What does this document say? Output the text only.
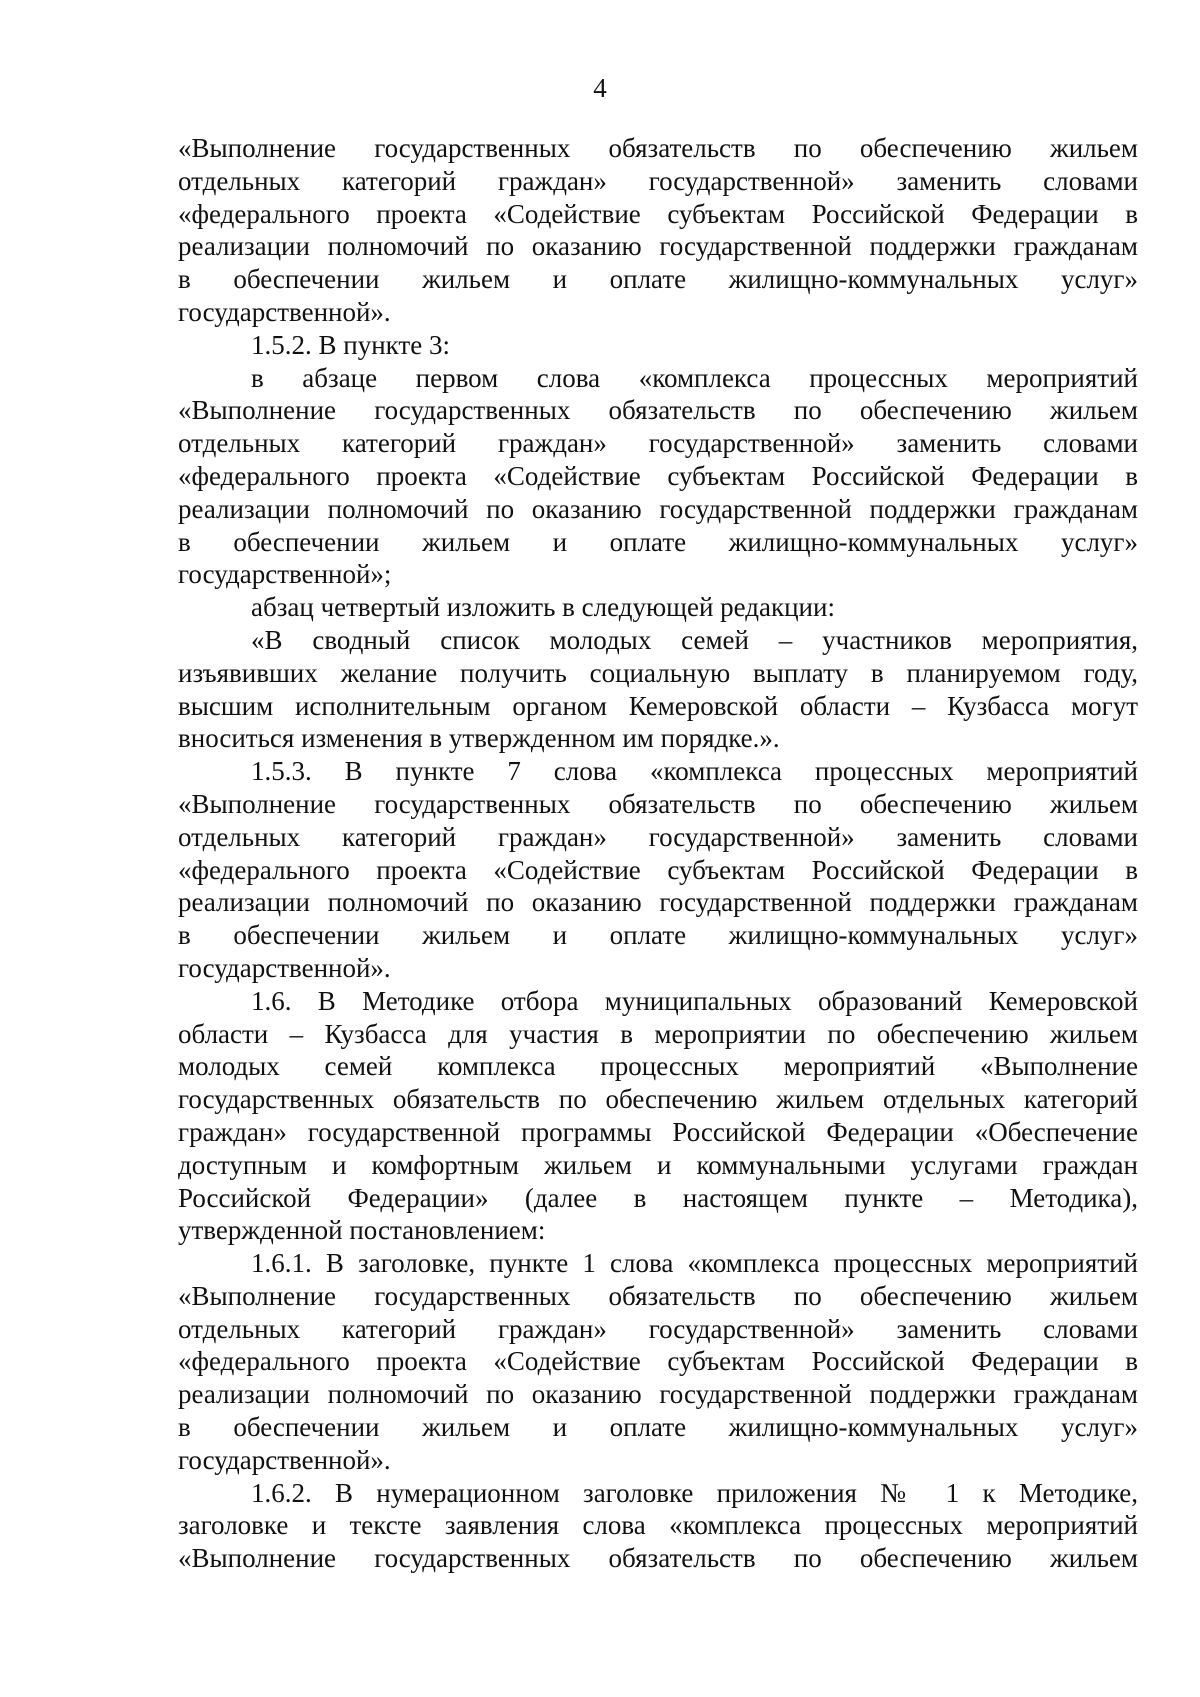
4
«Выполнение государственных обязательств по обеспечению жильем
отдельных категорий граждан» государственной» заменить словами
«федерального проекта «Содействие субъектам Российской Федерации в
реализации полномочий по оказанию государственной поддержки гражданам
в обеспечении жильем и оплате жилищно-коммунальных услуг»
государственной».
1.5.2. В пункте 3:
в абзаце первом слова «комплекса процессных мероприятий
«Выполнение государственных обязательств по обеспечению жильем
отдельных категорий граждан» государственной» заменить словами
«федерального проекта «Содействие субъектам Российской Федерации в
реализации полномочий по оказанию государственной поддержки гражданам
в обеспечении жильем и оплате жилищно-коммунальных услуг»
государственной»;
абзац четвертый изложить в следующей редакции:
«В сводный список молодых семей – участников мероприятия,
изъявивших желание получить социальную выплату в планируемом году,
высшим исполнительным органом Кемеровской области – Кузбасса могут
вноситься изменения в утвержденном им порядке.».
1.5.3. В пункте 7 слова «комплекса процессных мероприятий
«Выполнение государственных обязательств по обеспечению жильем
отдельных категорий граждан» государственной» заменить словами
«федерального проекта «Содействие субъектам Российской Федерации в
реализации полномочий по оказанию государственной поддержки гражданам
в обеспечении жильем и оплате жилищно-коммунальных услуг»
государственной».
1.6. В Методике отбора муниципальных образований Кемеровской
области – Кузбасса для участия в мероприятии по обеспечению жильем
молодых семей комплекса процессных мероприятий «Выполнение
государственных обязательств по обеспечению жильем отдельных категорий
граждан» государственной программы Российской Федерации «Обеспечение
доступным и комфортным жильем и коммунальными услугами граждан
Российской Федерации» (далее в настоящем пункте – Методика),
утвержденной постановлением:
1.6.1. В заголовке, пункте 1 слова «комплекса процессных мероприятий
«Выполнение государственных обязательств по обеспечению жильем
отдельных категорий граждан» государственной» заменить словами
«федерального проекта «Содействие субъектам Российской Федерации в
реализации полномочий по оказанию государственной поддержки гражданам
в обеспечении жильем и оплате жилищно-коммунальных услуг»
государственной».
1.6.2. В нумерационном заголовке приложения № 1 к Методике,
заголовке и тексте заявления слова «комплекса процессных мероприятий
«Выполнение государственных обязательств по обеспечению жильем
